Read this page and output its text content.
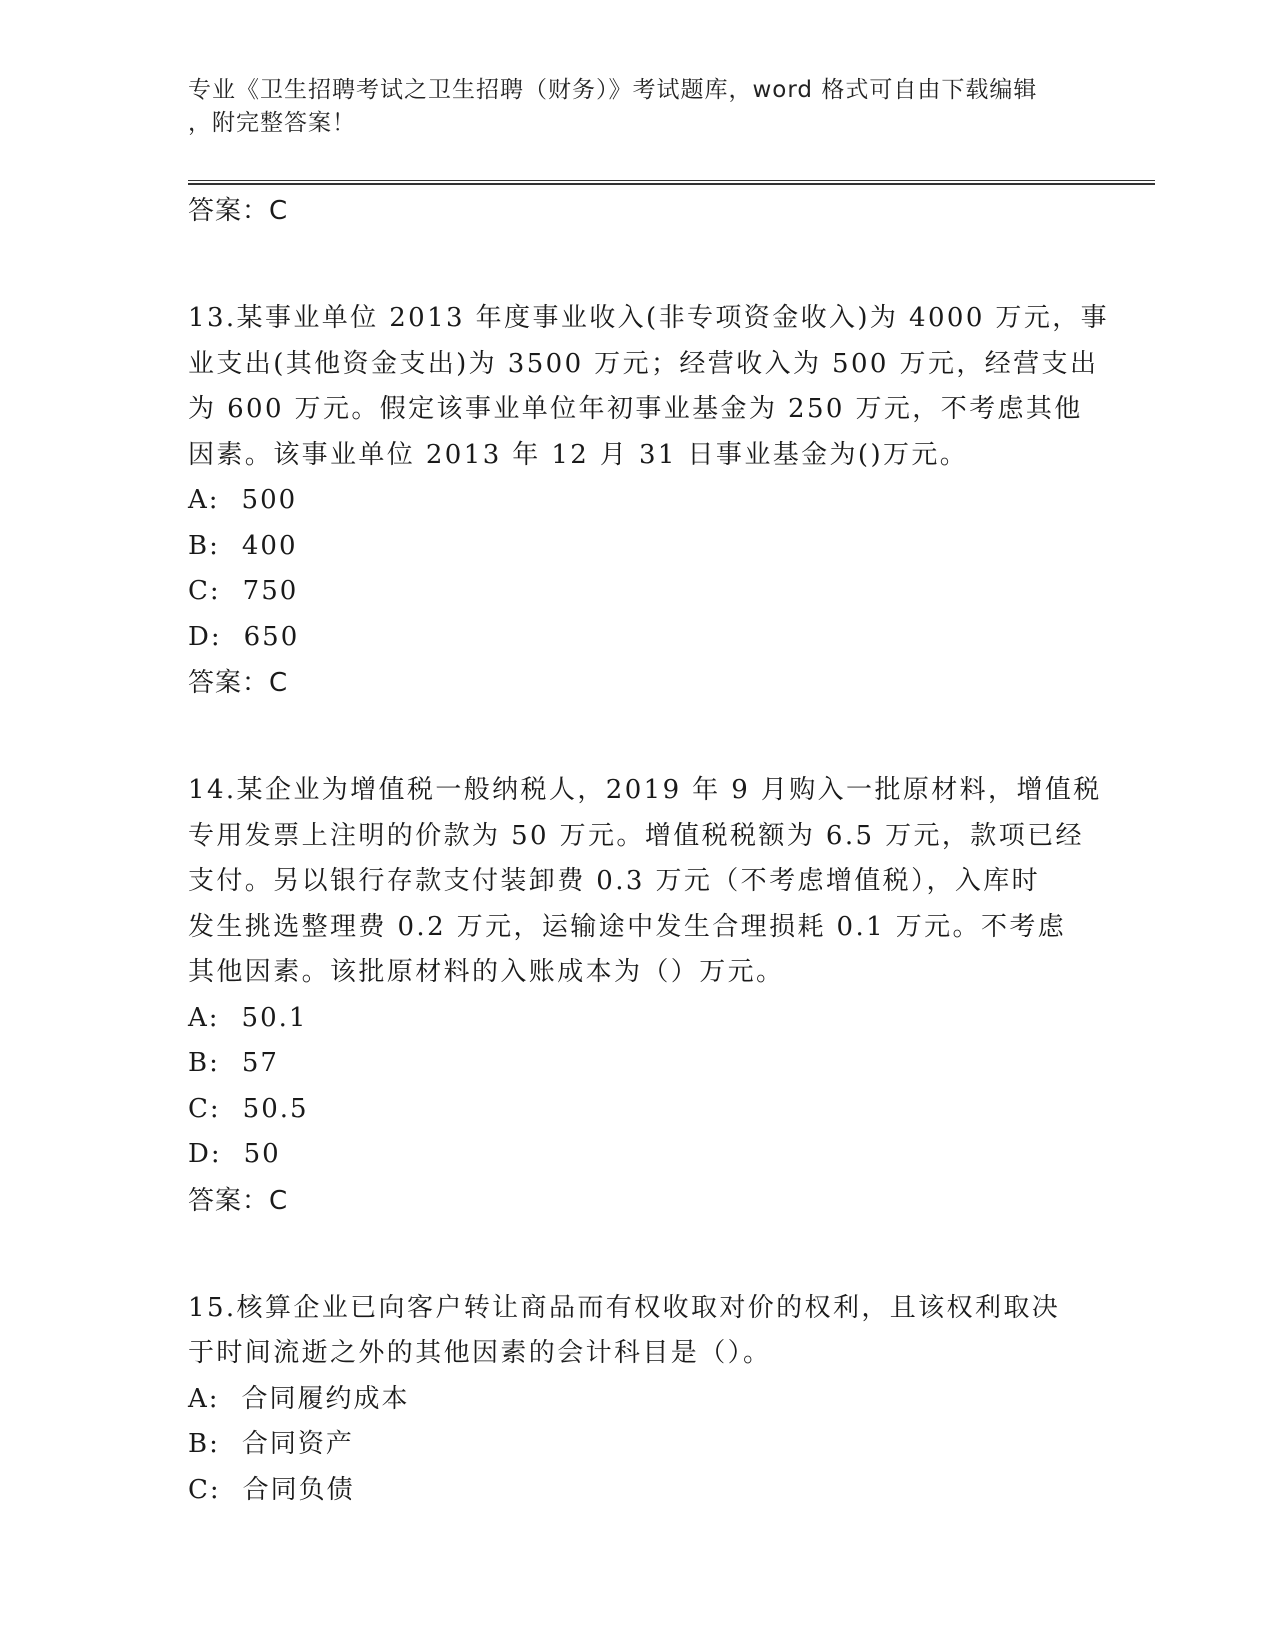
专业《卫生招聘考试之卫生招聘（财务）》考试题库，word 格式可自由下载编辑
，附完整答案！
答案：C
13.某事业单位 2013 年度事业收入(非专项资金收入)为 4000 万元，事
业支出(其他资金支出)为 3500 万元；经营收入为 500 万元，经营支出
为 600 万元。假定该事业单位年初事业基金为 250 万元，不考虑其他
因素。该事业单位 2013 年 12 月 31 日事业基金为()万元。
A: 500
B: 400
C: 750
D: 650
答案：C
14.某企业为增值税一般纳税人，2019 年 9 月购入一批原材料，增值税
专用发票上注明的价款为 50 万元。增值税税额为 6.5 万元，款项已经
支付。另以银行存款支付装卸费 0.3 万元（不考虑增值税），入库时
发生挑选整理费 0.2 万元，运输途中发生合理损耗 0.1 万元。不考虑
其他因素。该批原材料的入账成本为（）万元。
A: 50.1
B: 57
C: 50.5
D: 50
答案：C
15.核算企业已向客户转让商品而有权收取对价的权利，且该权利取决
于时间流逝之外的其他因素的会计科目是（）。
A: 合同履约成本
B: 合同资产
C: 合同负债
